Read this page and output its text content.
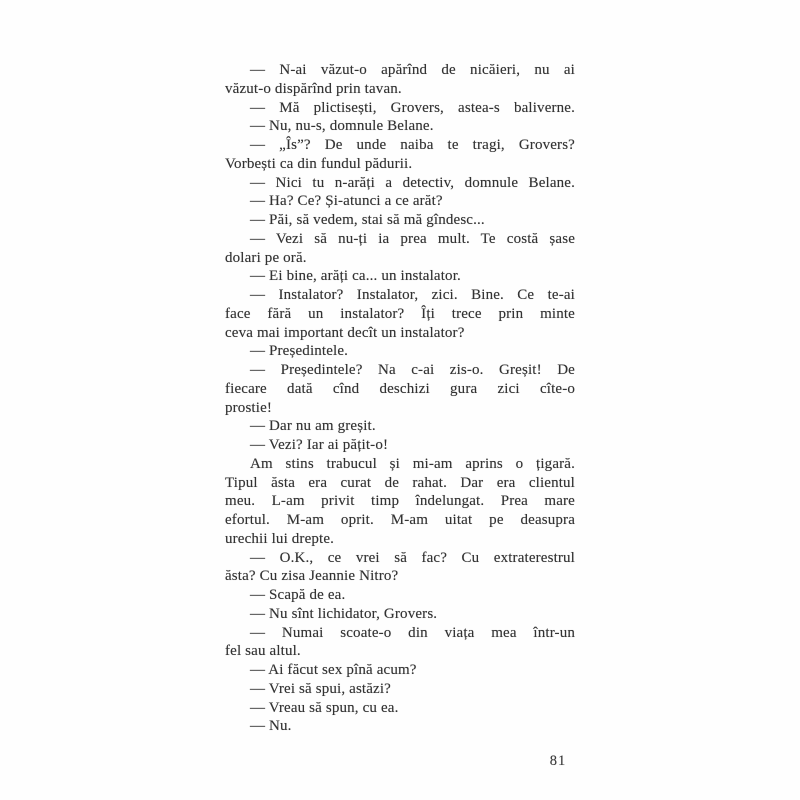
— N-ai văzut-o apărînd de nicăieri, nu ai
văzut-o dispărînd prin tavan.
— Mă plictisești, Grovers, astea-s baliverne.
— Nu, nu-s, domnule Belane.
— „Îs”? De unde naiba te tragi, Grovers?
Vorbești ca din fundul pădurii.
— Nici tu n-arăți a detectiv, domnule Belane.
— Ha? Ce? Și-atunci a ce arăt?
— Păi, să vedem, stai să mă gîndesc...
— Vezi să nu-ți ia prea mult. Te costă șase
dolari pe oră.
— Ei bine, arăți ca... un instalator.
— Instalator? Instalator, zici. Bine. Ce te-ai
face fără un instalator? Îți trece prin minte
ceva mai important decît un instalator?
— Președintele.
— Președintele? Na c-ai zis-o. Greșit! De
fiecare dată cînd deschizi gura zici cîte-o
prostie!
— Dar nu am greșit.
— Vezi? Iar ai pățit-o!
Am stins trabucul și mi-am aprins o țigară.
Tipul ăsta era curat de rahat. Dar era clientul
meu. L-am privit timp îndelungat. Prea mare
efortul. M-am oprit. M-am uitat pe deasupra
urechii lui drepte.
— O.K., ce vrei să fac? Cu extraterestrul
ăsta? Cu zisa Jeannie Nitro?
— Scapă de ea.
— Nu sînt lichidator, Grovers.
— Numai scoate-o din viața mea într-un
fel sau altul.
— Ai făcut sex pînă acum?
— Vrei să spui, astăzi?
— Vreau să spun, cu ea.
— Nu.
81
